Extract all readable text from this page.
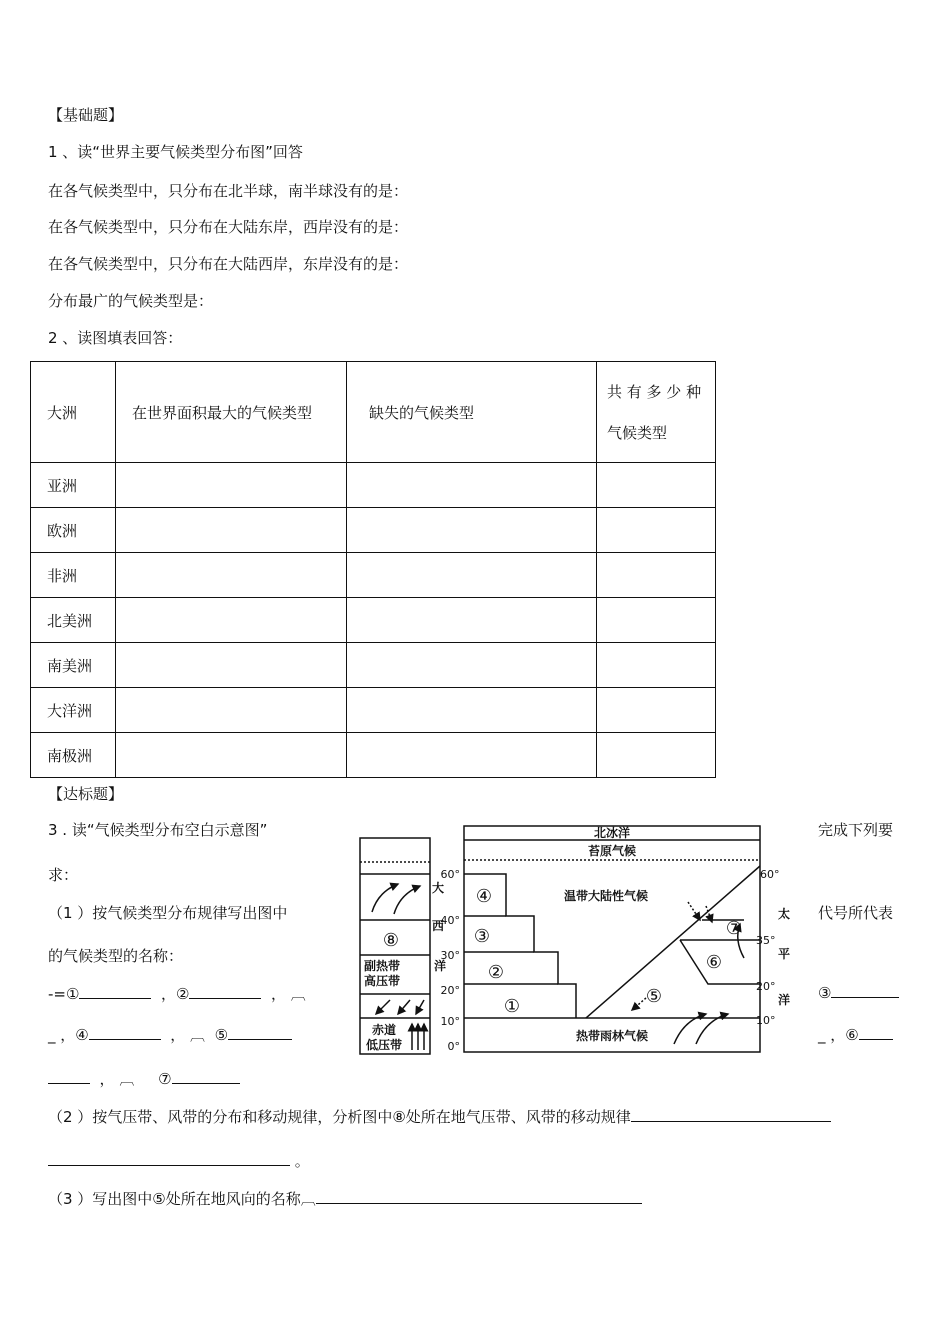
【基础题】
1 、读“世界主要气候类型分布图”回答
在各气候类型中，只分布在北半球，南半球没有的是：
在各气候类型中，只分布在大陆东岸，西岸没有的是：
在各气候类型中，只分布在大陆西岸，东岸没有的是：
分布最广的气候类型是：
2 、读图填表回答：
大洲	在世界面积最大的气候类型	缺失的气候类型	共 有 多 少 种
气候类型

亚洲			
欧洲			
非洲			
北美洲			
南美洲			
大洋洲			
南极洲			
【达标题】
3 . 读“气候类型分布空白示意图”	完成下列要
求：
（1 ）按气候类型分布规律写出图中	代号所代表
的气候类型的名称：
-=①	，②	， ︹	③
_ ，④	， ︹  ⑤	_ ，⑥
， ︹     ⑦
（2 ）按气压带、风带的分布和移动规律，分析图中⑧处所在地气压带、风带的移动规律
。
（3 ）写出图中⑤处所在地风向的名称︹
副热带
高压带
赤道
低压带
⑧
大
西
洋
60°
40°
30°
20°
10°
0°
北冰洋
苔原气候
温带大陆性气候
热带雨林气候
④
③
②
①	⑤
⑥
⑦
60°
35°
20°
10°
太
平
洋
